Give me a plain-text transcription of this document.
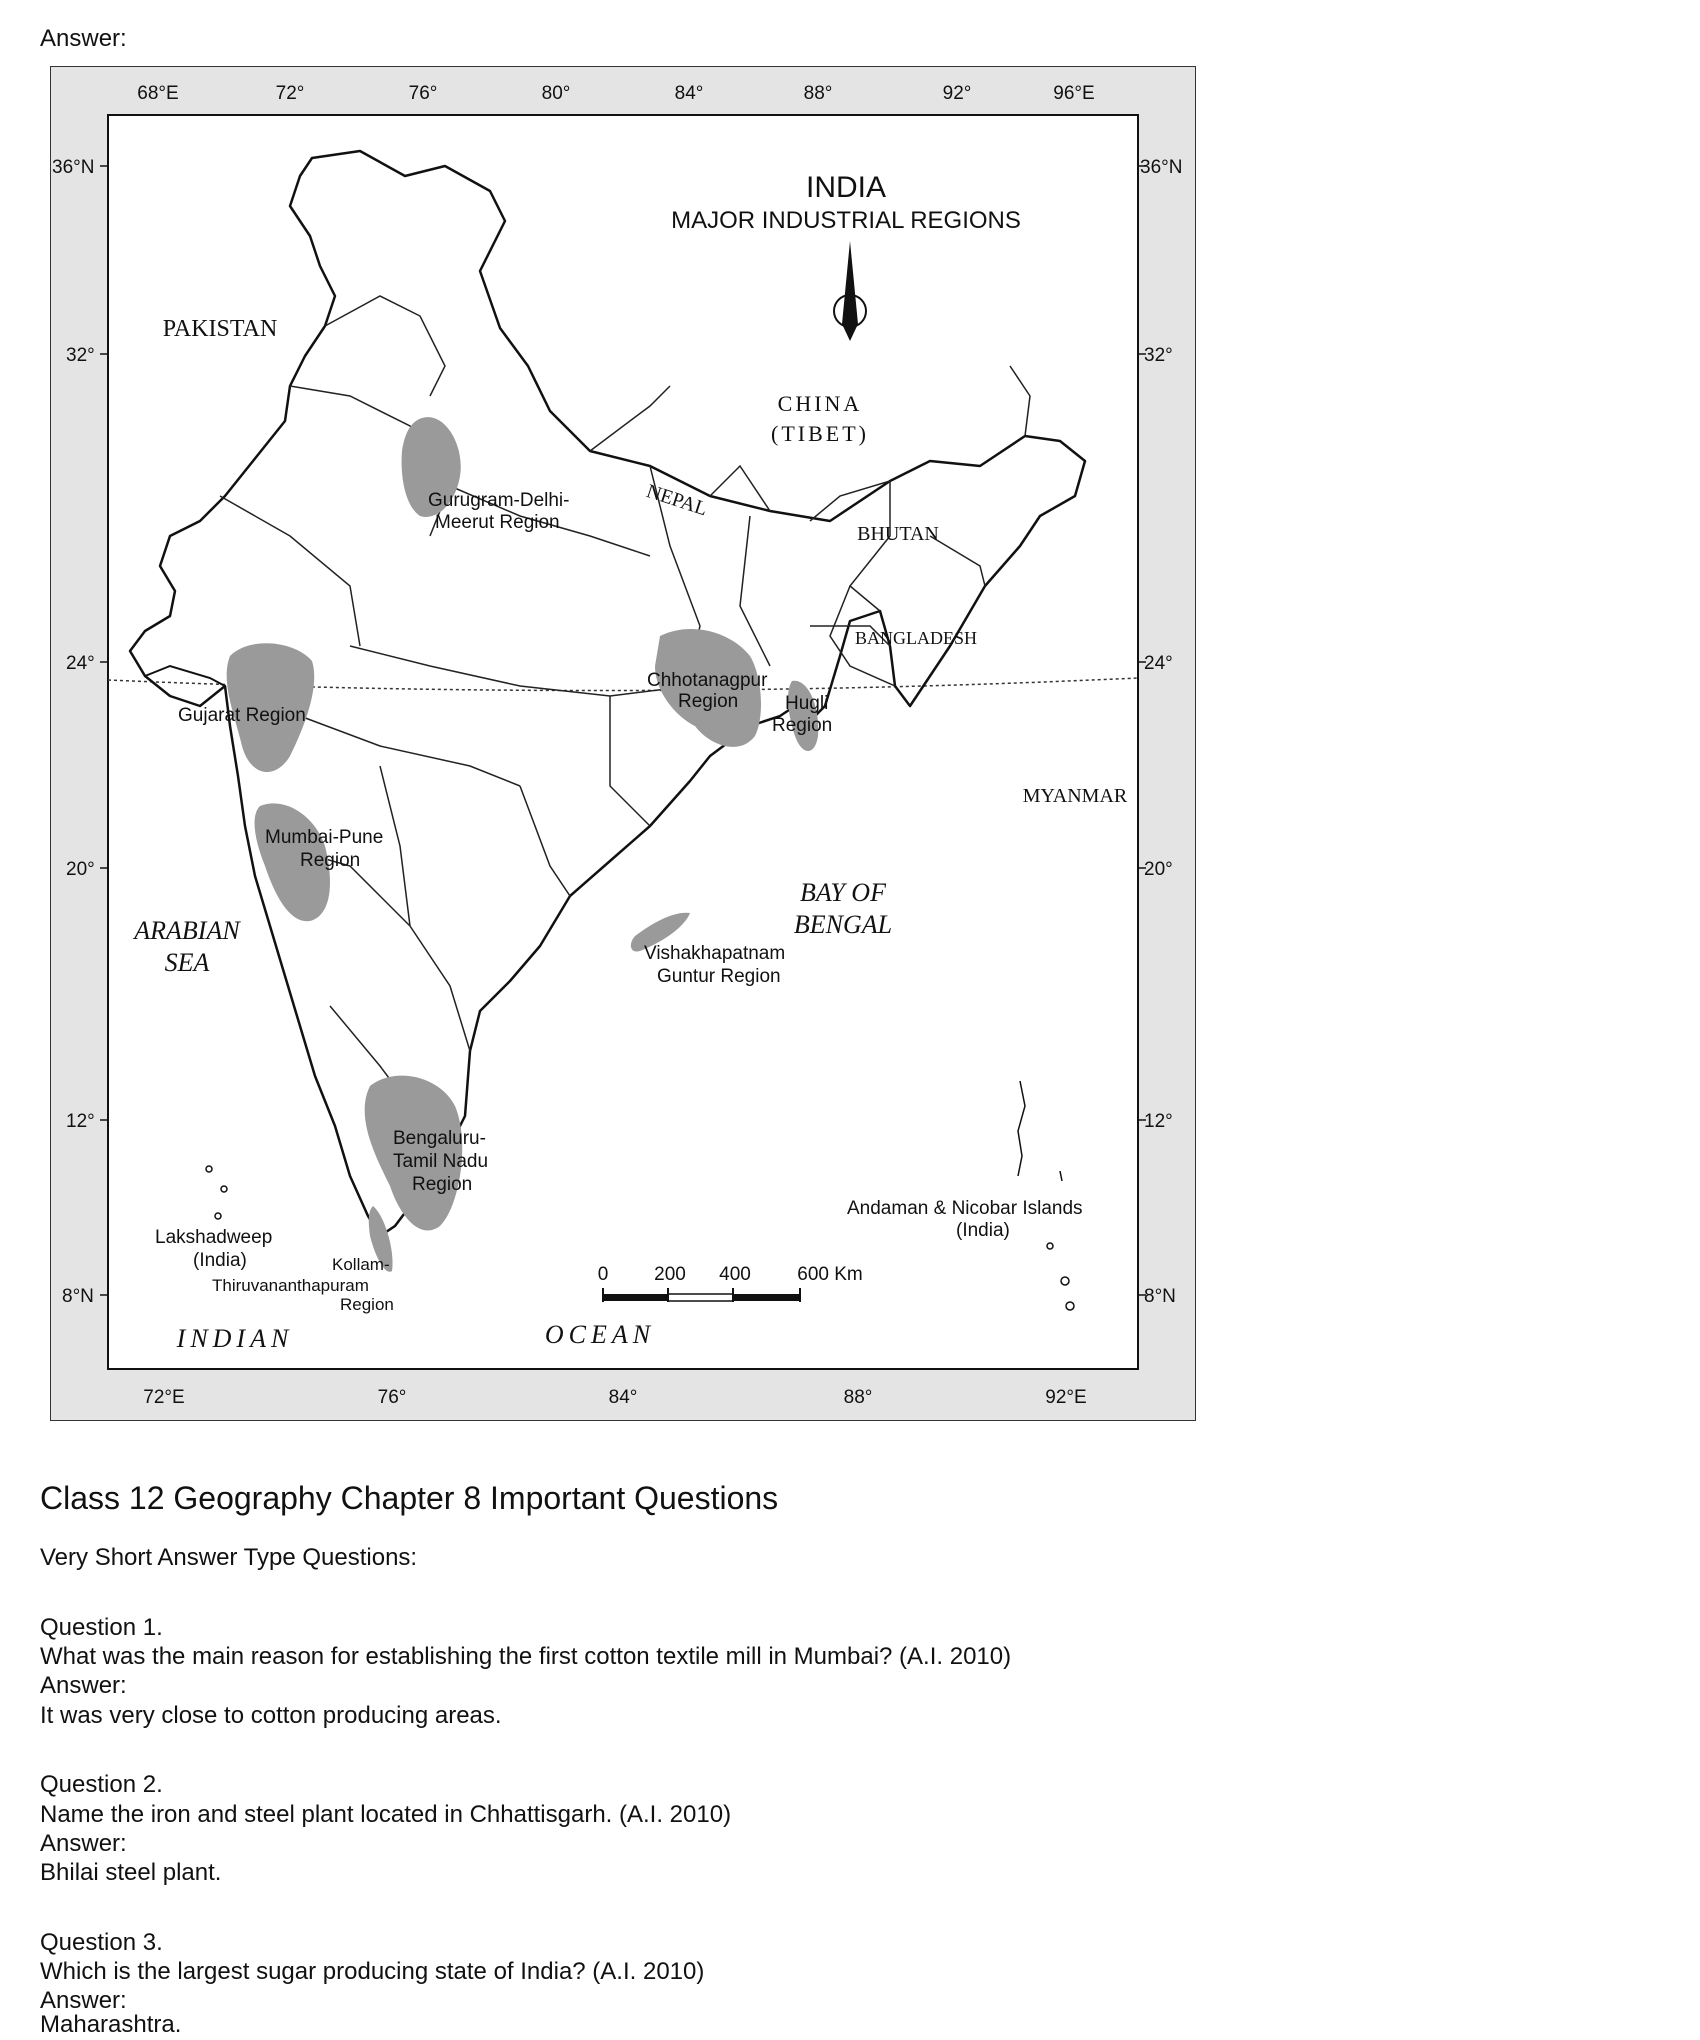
Answer:
N
INDIA
MAJOR INDUSTRIAL REGIONS
68°E	72°	76°	80°	84°	88°	92°	96°E
72°E	76°	84°	88°	92°E
36°N
32°
24°
20°
12°
8°N
36°N
32°
24°
20°
12°
8°N
PAKISTAN
CHINA
(TIBET)
NEPAL
BHUTAN
BANGLADESH
MYANMAR
ARABIAN
SEA
BAY OF
BENGAL
INDIAN	OCEAN
Gurugram-Delhi-
Meerut Region
Gujarat Region
Chhotanagpur
Region Hugli
Region
Mumbai-Pune
Region
Vishakhapatnam
Guntur Region
Bengaluru-
Tamil Nadu
Region
Kollam-
Thiruvananthapuram
Region
Lakshadweep
(India)
Andaman & Nicobar Islands
(India)
0 200 400 600 Km
Class 12 Geography Chapter 8 Important Questions
Very Short Answer Type Questions:
Question 1.
What was the main reason for establishing the first cotton textile mill in Mumbai? (A.I. 2010)
Answer:
It was very close to cotton producing areas.
Question 2.
Name the iron and steel plant located in Chhattisgarh. (A.I. 2010)
Answer:
Bhilai steel plant.
Question 3.
Which is the largest sugar producing state of India? (A.I. 2010)
Answer:
Maharashtra.
